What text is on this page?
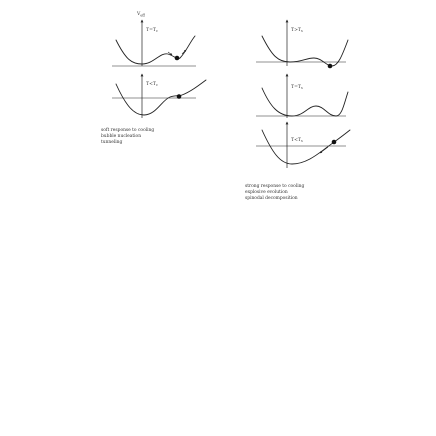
$V_{eff}$
$T=T_c$
$T<T_c$
soft response to cooling
bubble nucleation
tunneling
$T>T_s$
$T=T_s$
$T<T_s$
strong response to cooling
explosive evolution
spinodal decomposition
